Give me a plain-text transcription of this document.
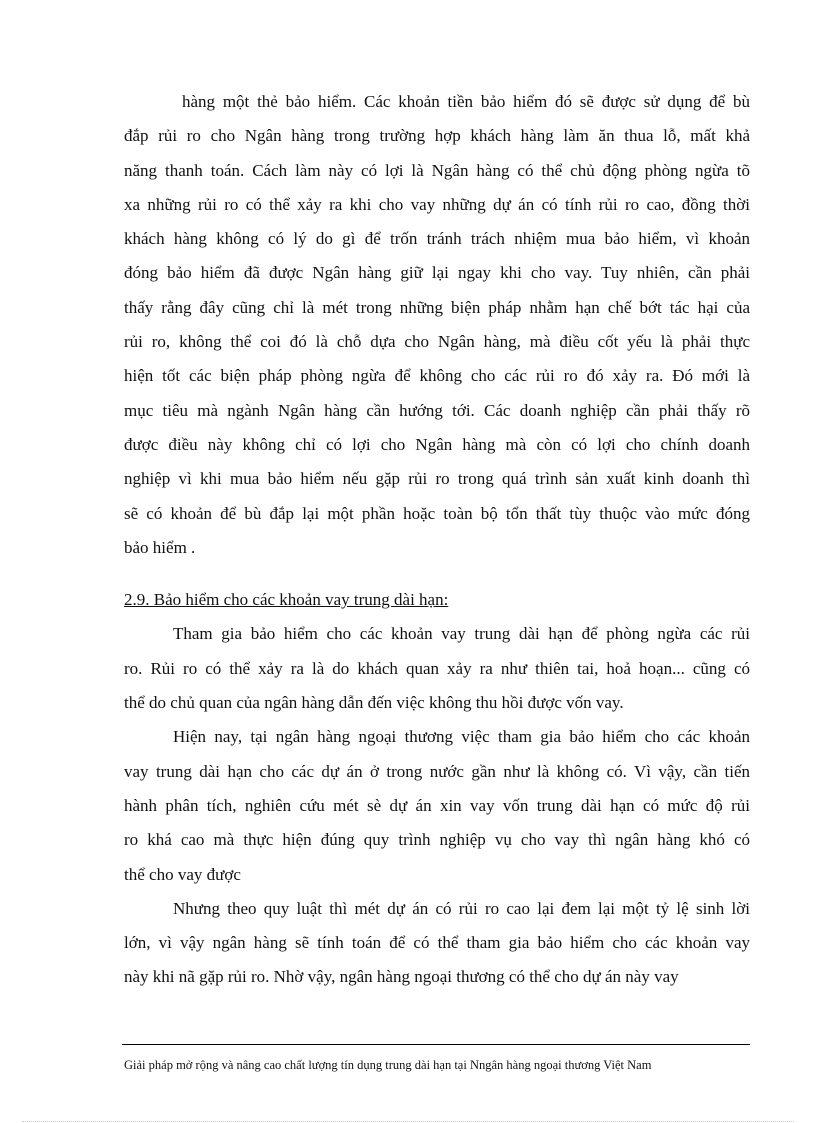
hàng một thẻ bảo hiểm. Các khoản tiền bảo hiểm đó sẽ được sử dụng để bù
đắp rủi ro cho Ngân hàng trong trường hợp khách hàng làm ăn thua lỗ, mất khả
năng thanh toán. Cách làm này có lợi là Ngân hàng có thể chủ động phòng ngừa tõ
xa những rủi ro có thể xảy ra khi cho vay những dự án có tính rủi ro cao, đồng thời
khách hàng không có lý do gì để trốn tránh trách nhiệm mua bảo hiểm, vì khoản
đóng bảo hiểm đã được Ngân hàng giữ lại ngay khi cho vay. Tuy nhiên, cần phải
thấy rằng đây cũng chỉ là mét trong những biện pháp nhằm hạn chế bớt tác hại của
rủi ro, không thể coi đó là chỗ dựa cho Ngân hàng, mà điều cốt yếu là phải thực
hiện tốt các biện pháp phòng ngừa để không cho các rủi ro đó xảy ra. Đó mới là
mục tiêu mà ngành Ngân hàng cần hướng tới. Các doanh nghiệp cần phải thấy rõ
được điều này không chỉ có lợi cho Ngân hàng mà còn có lợi cho chính doanh
nghiệp vì khi mua bảo hiểm nếu gặp rủi ro trong quá trình sản xuất kinh doanh thì
sẽ có khoản để bù đắp lại một phần hoặc toàn bộ tổn thất tùy thuộc vào mức đóng
bảo hiểm .

2.9. Bảo hiểm cho các khoản vay trung dài hạn:

Tham gia bảo hiểm cho các khoản vay trung dài hạn để phòng ngừa các rủi
ro. Rủi ro có thể xảy ra là do khách quan xảy ra như thiên tai, hoả hoạn... cũng có
thể do chủ quan của ngân hàng dẫn đến việc không thu hồi được vốn vay.

Hiện nay, tại ngân hàng ngoại thương việc tham gia bảo hiểm cho các khoản
vay trung dài hạn cho các dự án ở trong nước gần như là không có. Vì vậy, cần tiến
hành phân tích, nghiên cứu mét sè dự án xin vay vốn trung dài hạn có mức độ rủi
ro khá cao mà thực hiện đúng quy trình nghiệp vụ cho vay thì ngân hàng khó có
thể cho vay được

Nhưng theo quy luật thì mét dự án có rủi ro cao lại đem lại một tỷ lệ sinh lời
lớn, vì vậy ngân hàng sẽ tính toán để có thể tham gia bảo hiểm cho các khoản vay
này khi nã gặp rủi ro. Nhờ vậy, ngân hàng ngoại thương có thể cho dự án này vay

Giải pháp mở rộng và nâng cao chất lượng tín dụng trung dài hạn tại Nngân hàng ngoại thương Việt Nam
